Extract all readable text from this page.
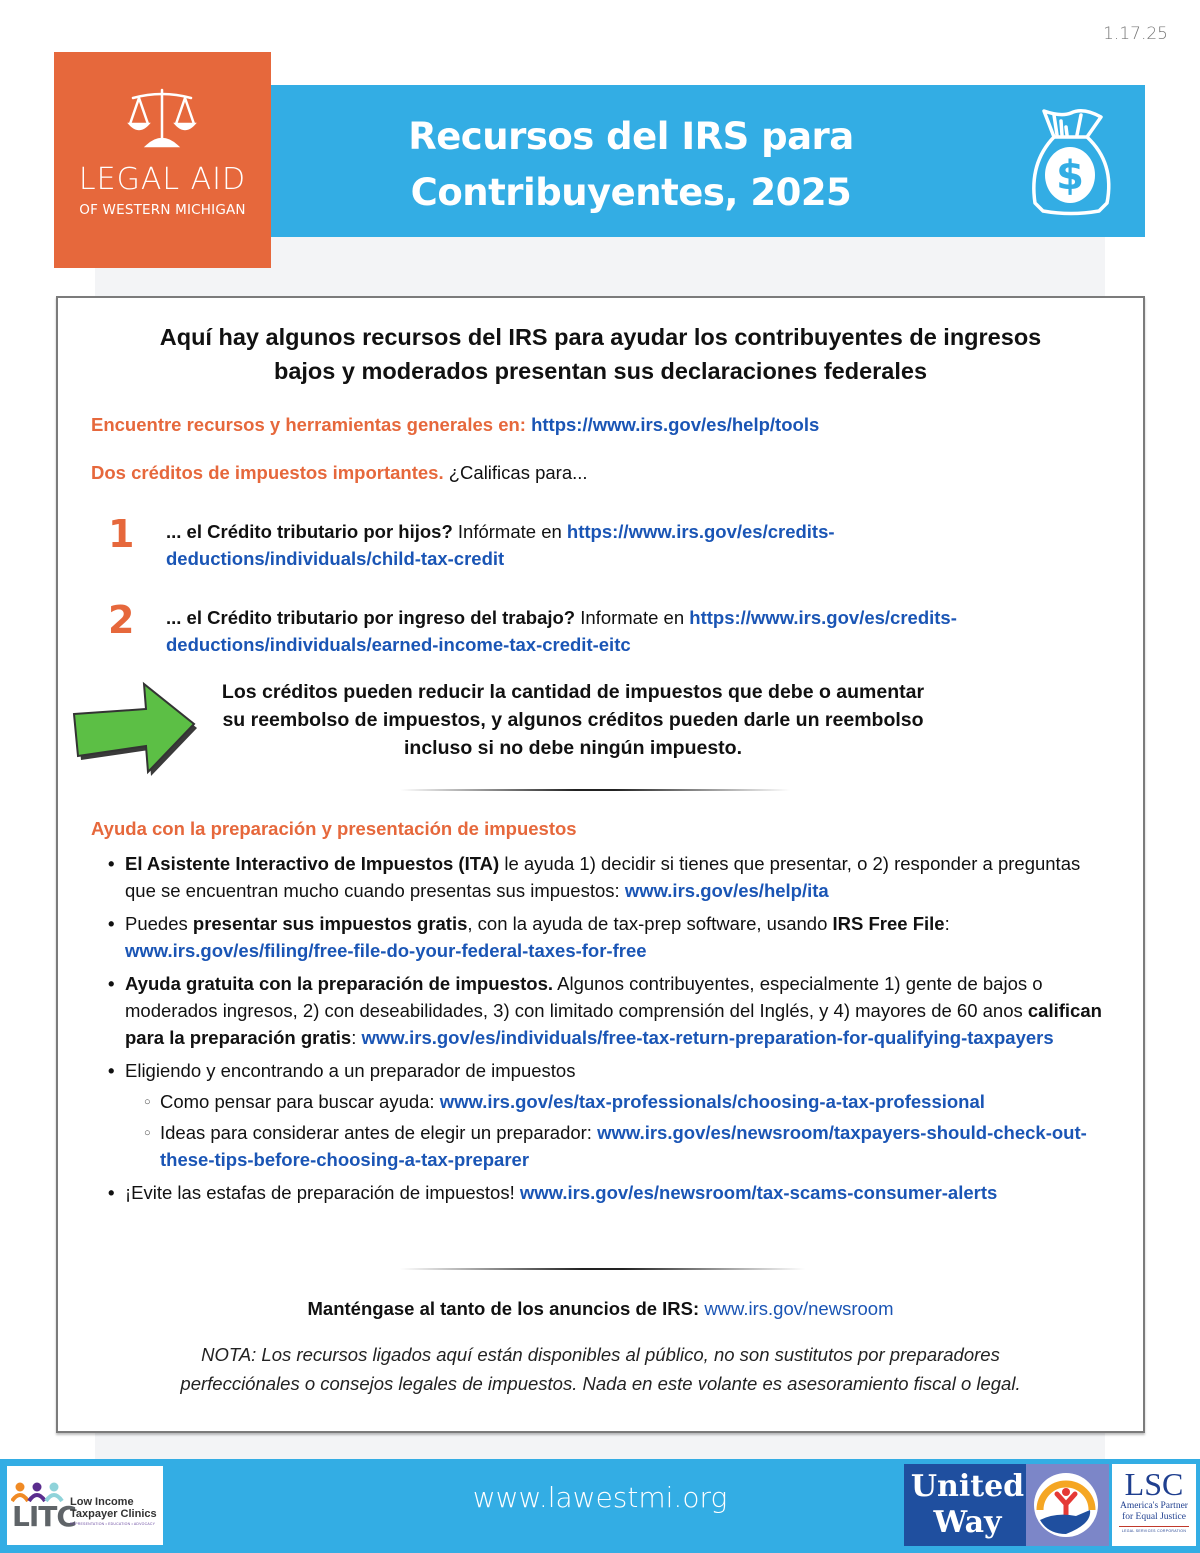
1.17.25
Recursos del IRS para
Contribuyentes, 2025	$
LEGAL AID
OF WESTERN MICHIGAN
Aquí hay algunos recursos del IRS para ayudar los contribuyentes de ingresos
bajos y moderados presentan sus declaraciones federales
Encuentre recursos y herramientas generales en: https://www.irs.gov/es/help/tools
Dos créditos de impuestos importantes. ¿Calificas para...
1	... el Crédito tributario por hijos? Infórmate en https://www.irs.gov/es/credits-deductions/individuals/child-tax-credit
2	... el Crédito tributario por ingreso del trabajo? Informate en https://www.irs.gov/es/credits-deductions/individuals/earned-income-tax-credit-eitc
Los créditos pueden reducir la cantidad de impuestos que debe o aumentar
su reembolso de impuestos, y algunos créditos pueden darle un reembolso
incluso si no debe ningún impuesto.
Ayuda con la preparación y presentación de impuestos
• El Asistente Interactivo de Impuestos (ITA) le ayuda 1) decidir si tienes que presentar, o 2) responder a preguntas que se encuentran mucho cuando presentas sus impuestos: www.irs.gov/es/help/ita
• Puedes presentar sus impuestos gratis, con la ayuda de tax-prep software, usando IRS Free File:
www.irs.gov/es/filing/free-file-do-your-federal-taxes-for-free
• Ayuda gratuita con la preparación de impuestos. Algunos contribuyentes, especialmente 1) gente de bajos o moderados ingresos, 2) con deseabilidades, 3) con limitado comprensión del Inglés, y 4) mayores de 60 anos califican para la preparación gratis: www.irs.gov/es/individuals/free-tax-return-preparation-for-qualifying-taxpayers
• Eligiendo y encontrando a un preparador de impuestos
○ Como pensar para buscar ayuda: www.irs.gov/es/tax-professionals/choosing-a-tax-professional
○ Ideas para considerar antes de elegir un preparador: www.irs.gov/es/newsroom/taxpayers-should-check-out-these-tips-before-choosing-a-tax-preparer
• ¡Evite las estafas de preparación de impuestos! www.irs.gov/es/newsroom/tax-scams-consumer-alerts
Manténgase al tanto de los anuncios de IRS: www.irs.gov/newsroom
NOTA: Los recursos ligados aquí están disponibles al público, no son sustitutos por preparadores
perfecciónales o consejos legales de impuestos. Nada en este volante es asesoramiento fiscal o legal.
LITC
Low Income
Taxpayer Clinics
REPRESENTATION • EDUCATION • ADVOCACY
www.lawestmi.org	United
Way
LSC
America's Partner
for Equal Justice
LEGAL SERVICES CORPORATION
